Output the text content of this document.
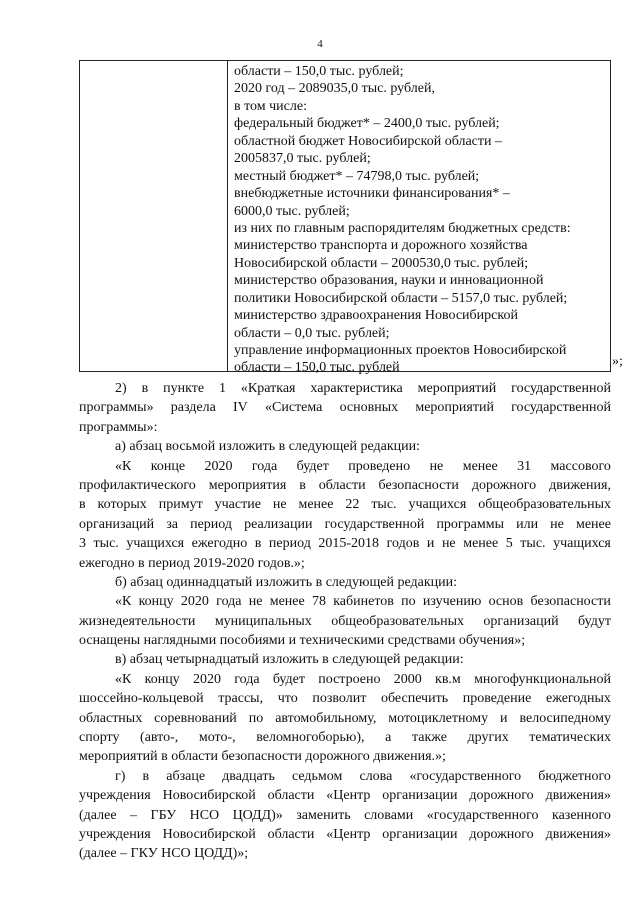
4
области – 150,0 тыс. рублей;
2020 год – 2089035,0 тыс. рублей,
в том числе:
федеральный бюджет* – 2400,0 тыс. рублей;
областной бюджет Новосибирской области –
2005837,0 тыс. рублей;
местный бюджет* – 74798,0 тыс. рублей;
внебюджетные источники финансирования* –
6000,0 тыс. рублей;
из них по главным распорядителям бюджетных средств:
министерство транспорта и дорожного хозяйства
Новосибирской области – 2000530,0 тыс. рублей;
министерство образования, науки и инновационной
политики Новосибирской области – 5157,0 тыс. рублей;
министерство здравоохранения Новосибирской
области – 0,0 тыс. рублей;
управление информационных проектов Новосибирской
области – 150,0 тыс. рублей	»;
2) в пункте 1 «Краткая характеристика мероприятий государственной
программы» раздела IV «Система основных мероприятий государственной
программы»:
а) абзац восьмой изложить в следующей редакции:
«К конце 2020 года будет проведено не менее 31 массового
профилактического мероприятия в области безопасности дорожного движения,
в которых примут участие не менее 22 тыс. учащихся общеобразовательных
организаций за период реализации государственной программы или не менее
3 тыс. учащихся ежегодно в период 2015-2018 годов и не менее 5 тыс. учащихся
ежегодно в период 2019-2020 годов.»;
б) абзац одиннадцатый изложить в следующей редакции:
«К концу 2020 года не менее 78 кабинетов по изучению основ безопасности
жизнедеятельности муниципальных общеобразовательных организаций будут
оснащены наглядными пособиями и техническими средствами обучения»;
в) абзац четырнадцатый изложить в следующей редакции:
«К концу 2020 года будет построено 2000 кв.м многофункциональной
шоссейно-кольцевой трассы, что позволит обеспечить проведение ежегодных
областных соревнований по автомобильному, мотоциклетному и велосипедному
спорту (авто-, мото-, веломногоборью), а также других тематических
мероприятий в области безопасности дорожного движения.»;
г) в абзаце двадцать седьмом слова «государственного бюджетного
учреждения Новосибирской области «Центр организации дорожного движения»
(далее – ГБУ НСО ЦОДД)» заменить словами «государственного казенного
учреждения Новосибирской области «Центр организации дорожного движения»
(далее – ГКУ НСО ЦОДД)»;
